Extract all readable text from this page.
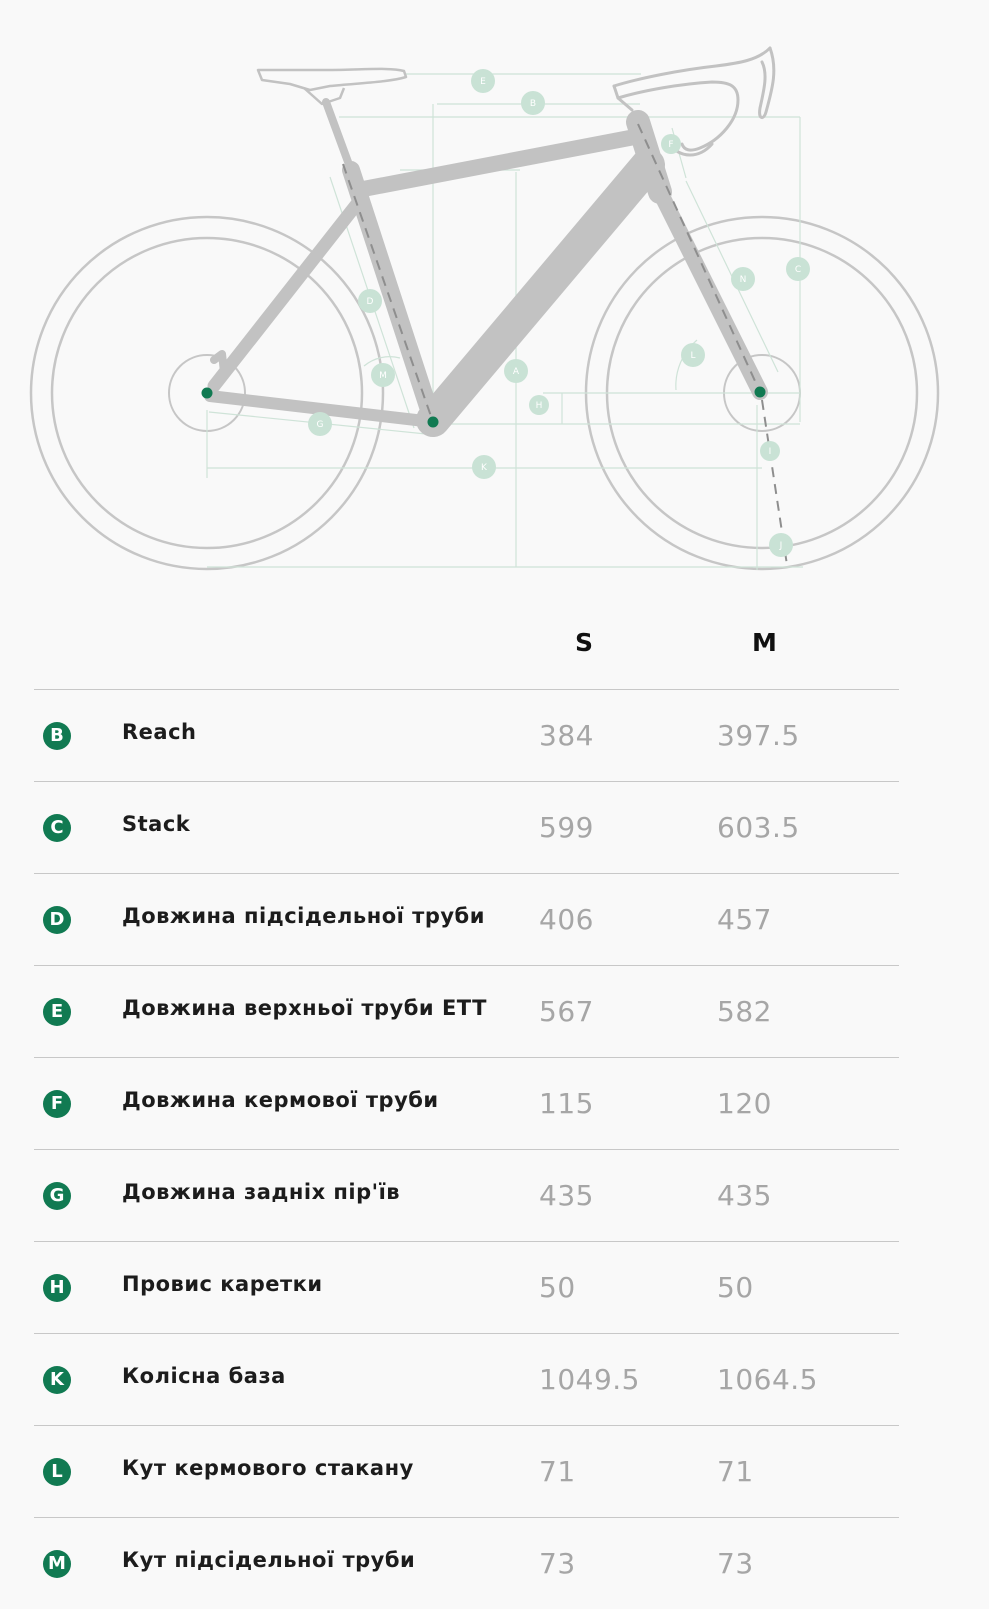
E
B
F
C
N
D
M	A
H
L
G
K
I
J
S	M
B	Reach	384	397.5
C	Stack	599	603.5
D	Довжина підсідельної труби 406	457
E	Довжина верхньої труби ETT 567	582
F	Довжина кермової труби	115	120
G	Довжина задніх пір'їв	435	435
H	Провис каретки	50	50
K	Колісна база	1049.5	1064.5
L	Кут кермового стакану	71	71
M	Кут підсідельної труби	73	73
